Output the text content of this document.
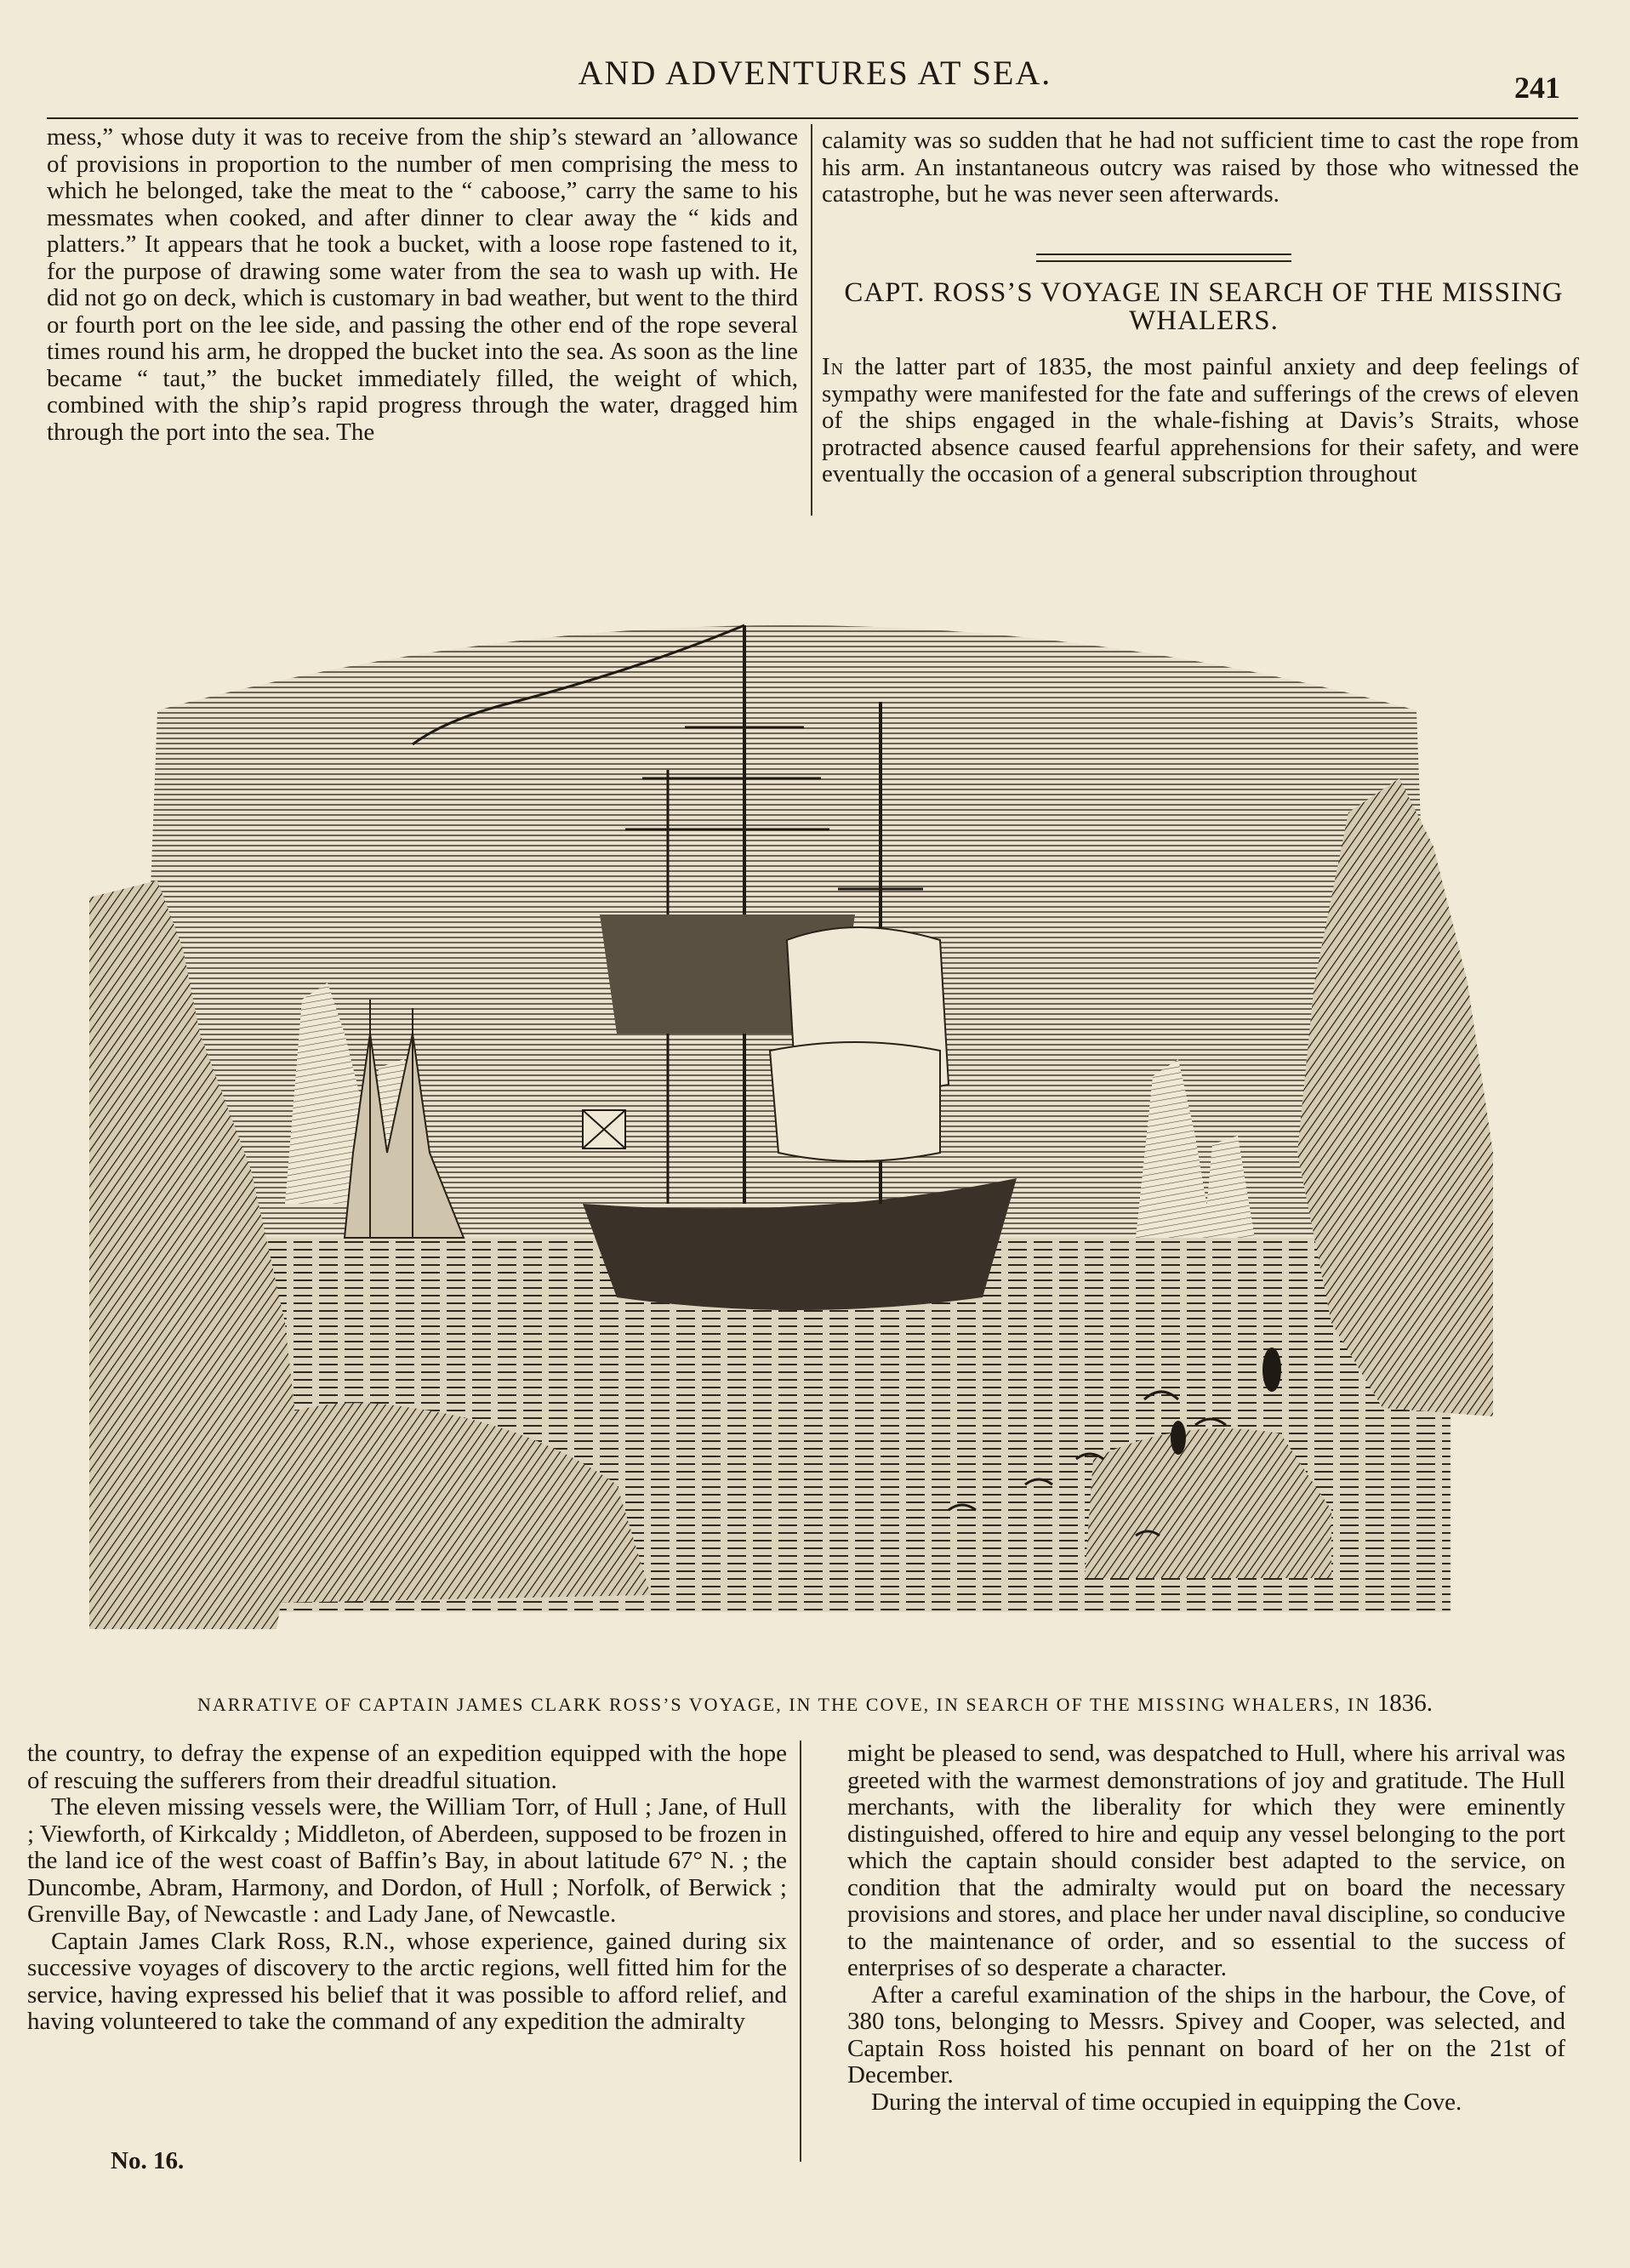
AND ADVENTURES AT SEA.	241

mess,” whose duty it was to receive from the ship’s steward an ’allowance of provisions in proportion to the number of men comprising the mess to which he belonged, take the meat to the “ caboose,” carry the same to his messmates when cooked, and after dinner to clear away the “ kids and platters.” It appears that he took a bucket, with a loose rope fastened to it, for the purpose of drawing some water from the sea to wash up with. He did not go on deck, which is customary in bad weather, but went to the third or fourth port on the lee side, and passing the other end of the rope several times round his arm, he dropped the bucket into the sea. As soon as the line became “ taut,” the bucket immediately filled, the weight of which, combined with the ship’s rapid progress through the water, dragged him through the port into the sea. The

calamity was so sudden that he had not sufficient time to cast the rope from his arm. An instantaneous outcry was raised by those who witnessed the catastrophe, but he was never seen afterwards.

CAPT. ROSS’S VOYAGE IN SEARCH OF THE MISSING WHALERS.

In the latter part of 1835, the most painful anxiety and deep feelings of sympathy were manifested for the fate and sufferings of the crews of eleven of the ships engaged in the whale-fishing at Davis’s Straits, whose protracted absence caused fearful apprehensions for their safety, and were eventually the occasion of a general subscription throughout

NARRATIVE OF CAPTAIN JAMES CLARK ROSS’S VOYAGE, IN THE COVE, IN SEARCH OF THE MISSING WHALERS, IN 1836.

the country, to defray the expense of an expedition equipped with the hope of rescuing the sufferers from their dreadful situation.

The eleven missing vessels were, the William Torr, of Hull ; Jane, of Hull ; Viewforth, of Kirkcaldy ; Middleton, of Aberdeen, supposed to be frozen in the land ice of the west coast of Baffin’s Bay, in about latitude 67° N. ; the Duncombe, Abram, Harmony, and Dordon, of Hull ; Norfolk, of Berwick ; Grenville Bay, of Newcastle : and Lady Jane, of Newcastle.

Captain James Clark Ross, R.N., whose experience, gained during six successive voyages of discovery to the arctic regions, well fitted him for the service, having expressed his belief that it was possible to afford relief, and having volunteered to take the command of any expedition the admiralty

No. 16.

might be pleased to send, was despatched to Hull, where his arrival was greeted with the warmest demonstrations of joy and gratitude. The Hull merchants, with the liberality for which they were eminently distinguished, offered to hire and equip any vessel belonging to the port which the captain should consider best adapted to the service, on condition that the admiralty would put on board the necessary provisions and stores, and place her under naval discipline, so conducive to the maintenance of order, and so essential to the success of enterprises of so desperate a character.

After a careful examination of the ships in the harbour, the Cove, of 380 tons, belonging to Messrs. Spivey and Cooper, was selected, and Captain Ross hoisted his pennant on board of her on the 21st of December.

During the interval of time occupied in equipping the Cove.
